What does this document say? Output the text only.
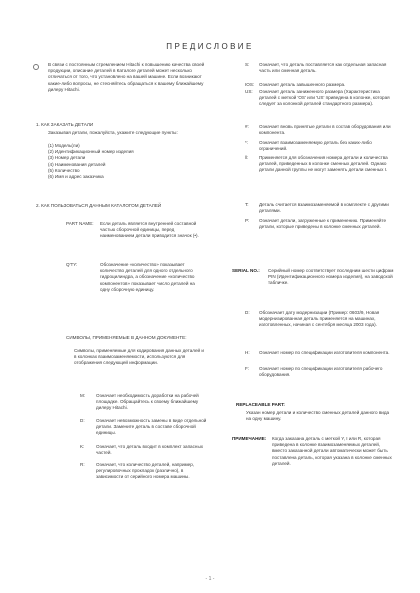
ПРЕДИСЛОВИЕ

В связи с постоянным стремлением Hitachi к повышению качества своей продукции, описание деталей в Каталоге деталей может несколько отличаться от того, что установлено на вашей машине. Если возникают какие-либо вопросы, не стесняйтесь обращаться к вашему ближайшему дилеру Hitachi.

1. КАК ЗАКАЗАТЬ ДЕТАЛИ

Заказывая детали, пожалуйста, укажите следующие пункты:

(1) Модель(ли)
(2) Идентификационный номер изделия
(3) Номер детали
(4) Наименования деталей
(5) Количество
(6) Имя и адрес заказчика

2. КАК ПОЛЬЗОВАТЬСЯ ДАННЫМ КАТАЛОГОМ ДЕТАЛЕЙ

PART NAME:	Если деталь является внутренней составной частью сборочной единицы, перед наименованием детали приводится значок (•).
Q'TY:	Обозначение «количество» показывает количество деталей для одного отдельного гидроцилиндра, а обозначение «количество компонентов» показывает число деталей на одну сборочную единицу.

СИМВОЛЫ, ПРИМЕНЯЕМЫЕ В ДАННОМ ДОКУМЕНТЕ:

Символы, применяемые для кодирования данных деталей и в колонках взаимозаменяемости, используются для отображения следующей информации.

M:	Означает необходимость доработки на рабочей площадке. Обращайтесь к своему ближайшему дилеру Hitachi.
D:	Означает невозможность замены в виде отдельной детали. Замените деталь в составе сборочной единицы.
K:	Означает, что деталь входит в комплект запасных частей.
R:	Означает, что количество деталей, например, регулировочных прокладок (различно), в зависимости от серийного номера машины.
S:	Означает, что деталь поставляется как отдельная запасная часть или сменная деталь.
IOS:	Означает деталь завышенного размера.
US:	Означает деталь заниженного размера (Характеристика деталей с меткой 'OS' или 'US' приведена в колонке, которая следует за колонкой деталей стандартного размера).
#:	Означает вновь принятые детали в состав оборудования или компонента.
*:	Означает взаимозаменяемую деталь без каких-либо ограничений.
‖:	Применяется для обозначения номера детали и количества деталей, приведенных в колонке сменных деталей. Однако детали данной группы не могут заменять детали сменных I.
T:	Деталь считается взаимозаменяемой в комплекте с другими деталями.
P:	Означает детали, загруженные к применению. Применяйте детали, которые приведены в колонке сменных деталей.
SERIAL NO.:	Серийный номер соответствует последним шести цифрам PIN (Идентификационного номера изделия), на заводской табличке.
D:	Обозначает дату модернизации (Пример: 0603/9, Новая модернизированная деталь применяется на машинах, изготовленных, начиная с сентября месяца 2003 года).
H:	Означает номер по спецификации изготовителя компонента.
F:	Означает номер по спецификации изготовителя рабочего оборудования.

REPLACEABLE PART:

Указан номер детали и количество сменных деталей данного вида на одну машину.

ПРИМЕЧАНИЕ:	Когда заказана деталь с меткой Y, I или R, которая приведена в колонке взаимозаменяемых деталей, вместо заказанной детали автоматически может быть поставлена деталь, которая указана в колонке сменных деталей.
- 1 -
